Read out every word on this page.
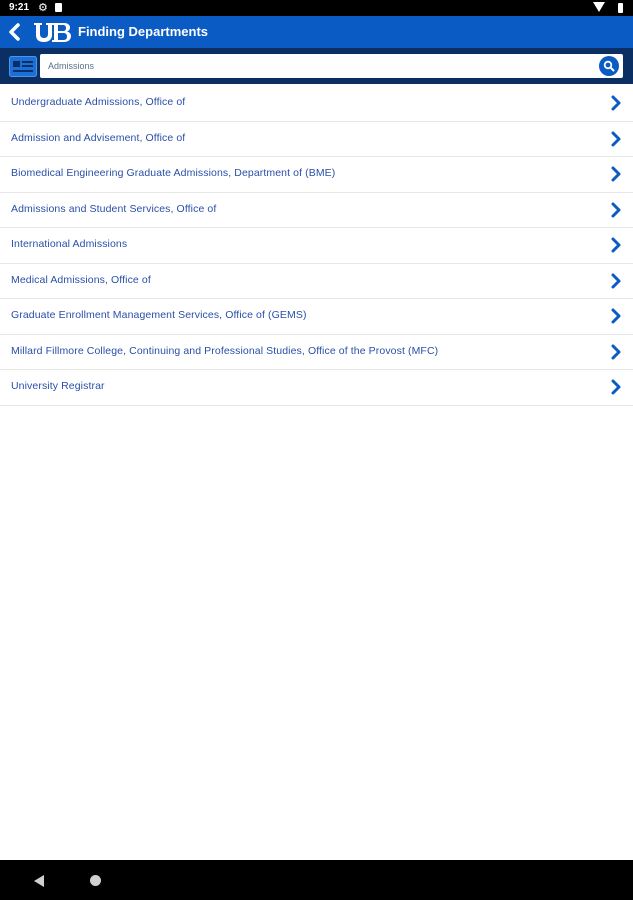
9:21 ⚙
Finding Departments
Admissions
Undergraduate Admissions, Office of
Admission and Advisement, Office of
Biomedical Engineering Graduate Admissions, Department of (BME)
Admissions and Student Services, Office of
International Admissions
Medical Admissions, Office of
Graduate Enrollment Management Services, Office of (GEMS)
Millard Fillmore College, Continuing and Professional Studies, Office of the Provost (MFC)
University Registrar
